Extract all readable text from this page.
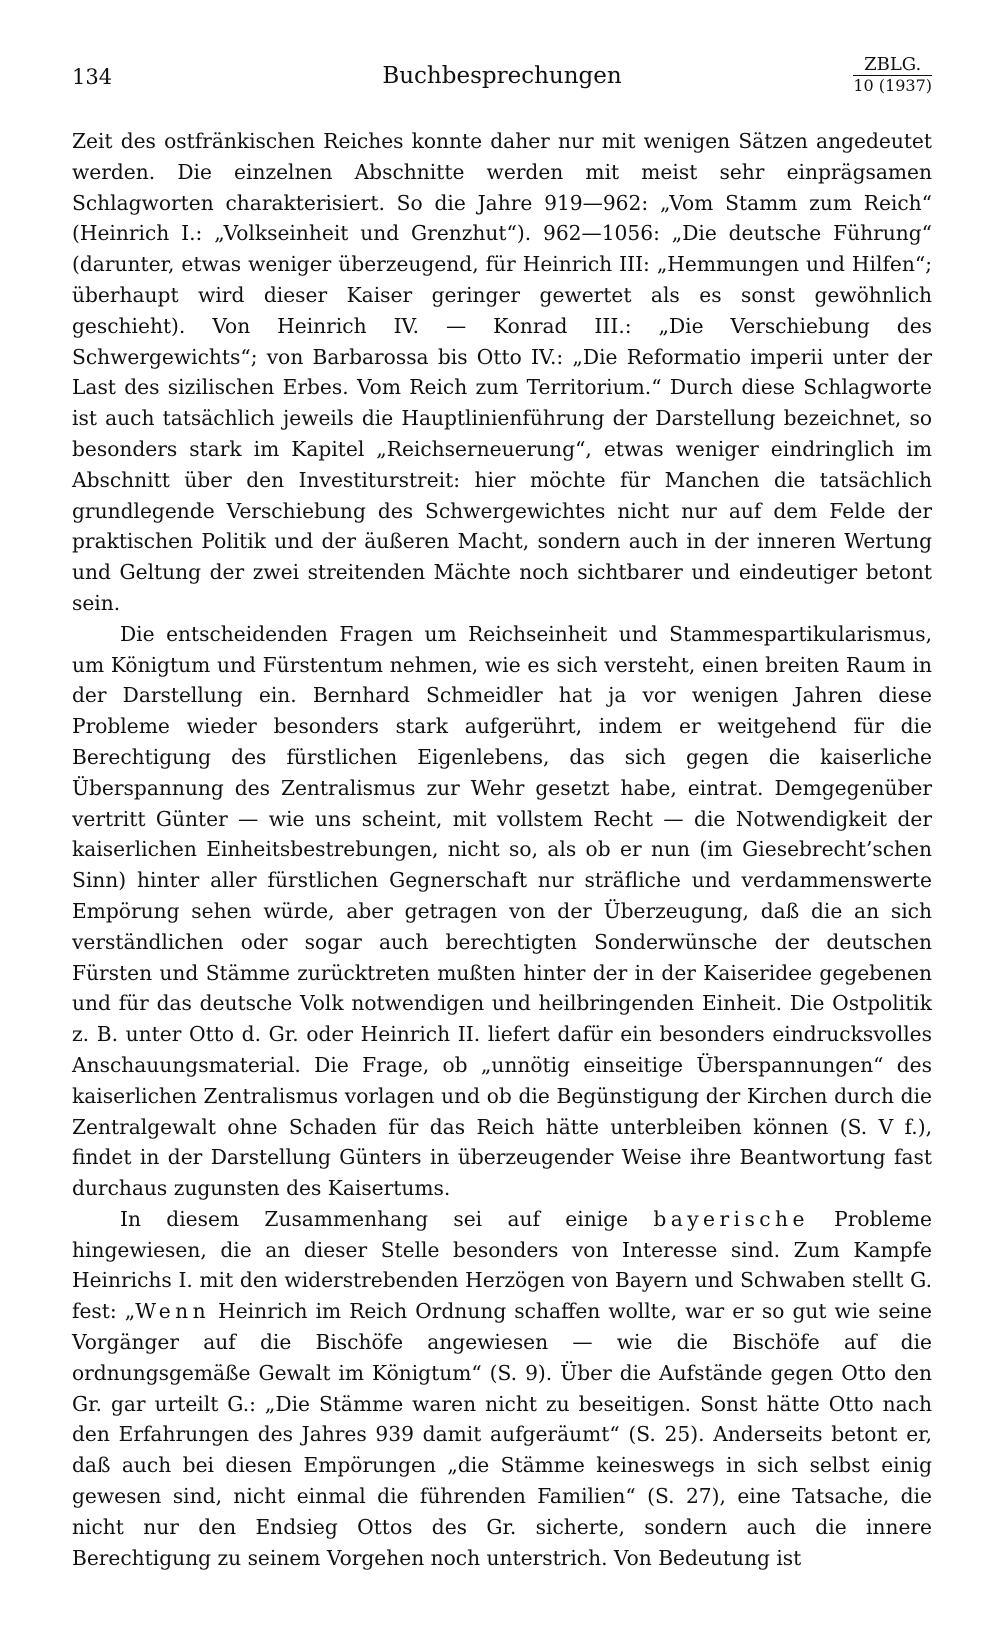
134	Buchbesprechungen	ZBLG.
10 (1937)

Zeit des ostfränkischen Reiches konnte daher nur mit wenigen Sätzen angedeutet werden. Die einzelnen Abschnitte werden mit meist sehr einprägsamen Schlagworten charakterisiert. So die Jahre 919—962: „Vom Stamm zum Reich“ (Heinrich I.: „Volkseinheit und Grenzhut“). 962—1056: „Die deutsche Führung“ (darunter, etwas weniger überzeugend, für Heinrich III: „Hemmungen und Hilfen“; überhaupt wird dieser Kaiser geringer gewertet als es sonst gewöhnlich geschieht). Von Heinrich IV. — Konrad III.: „Die Verschiebung des Schwergewichts“; von Barbarossa bis Otto IV.: „Die Reformatio imperii unter der Last des sizilischen Erbes. Vom Reich zum Territorium.“ Durch diese Schlagworte ist auch tatsächlich jeweils die Hauptlinienführung der Darstellung bezeichnet, so besonders stark im Kapitel „Reichserneuerung“, etwas weniger eindringlich im Abschnitt über den Investiturstreit: hier möchte für Manchen die tatsächlich grundlegende Verschiebung des Schwergewichtes nicht nur auf dem Felde der praktischen Politik und der äußeren Macht, sondern auch in der inneren Wertung und Geltung der zwei streitenden Mächte noch sichtbarer und eindeutiger betont sein.

Die entscheidenden Fragen um Reichseinheit und Stammespartikularismus, um Königtum und Fürstentum nehmen, wie es sich versteht, einen breiten Raum in der Darstellung ein. Bernhard Schmeidler hat ja vor wenigen Jahren diese Probleme wieder besonders stark aufgerührt, indem er weitgehend für die Berechtigung des fürstlichen Eigenlebens, das sich gegen die kaiserliche Überspannung des Zentralismus zur Wehr gesetzt habe, eintrat. Demgegenüber vertritt Günter — wie uns scheint, mit vollstem Recht — die Notwendigkeit der kaiserlichen Einheitsbestrebungen, nicht so, als ob er nun (im Giesebrecht’schen Sinn) hinter aller fürstlichen Gegnerschaft nur sträfliche und verdammenswerte Empörung sehen würde, aber getragen von der Überzeugung, daß die an sich verständlichen oder sogar auch berechtigten Sonderwünsche der deutschen Fürsten und Stämme zurücktreten mußten hinter der in der Kaiseridee gegebenen und für das deutsche Volk notwendigen und heilbringenden Einheit. Die Ostpolitik z. B. unter Otto d. Gr. oder Heinrich II. liefert dafür ein besonders eindrucksvolles Anschauungsmaterial. Die Frage, ob „unnötig einseitige Überspannungen“ des kaiserlichen Zentralismus vorlagen und ob die Begünstigung der Kirchen durch die Zentralgewalt ohne Schaden für das Reich hätte unterbleiben können (S. V f.), findet in der Darstellung Günters in überzeugender Weise ihre Beantwortung fast durchaus zugunsten des Kaisertums.

In diesem Zusammenhang sei auf einige bayerische Probleme hingewiesen, die an dieser Stelle besonders von Interesse sind. Zum Kampfe Heinrichs I. mit den widerstrebenden Herzögen von Bayern und Schwaben stellt G. fest: „Wenn Heinrich im Reich Ordnung schaffen wollte, war er so gut wie seine Vorgänger auf die Bischöfe angewiesen — wie die Bischöfe auf die ordnungsgemäße Gewalt im Königtum“ (S. 9). Über die Aufstände gegen Otto den Gr. gar urteilt G.: „Die Stämme waren nicht zu beseitigen. Sonst hätte Otto nach den Erfahrungen des Jahres 939 damit aufgeräumt“ (S. 25). Anderseits betont er, daß auch bei diesen Empörungen „die Stämme keineswegs in sich selbst einig gewesen sind, nicht einmal die führenden Familien“ (S. 27), eine Tatsache, die nicht nur den Endsieg Ottos des Gr. sicherte, sondern auch die innere Berechtigung zu seinem Vorgehen noch unterstrich. Von Bedeutung ist
